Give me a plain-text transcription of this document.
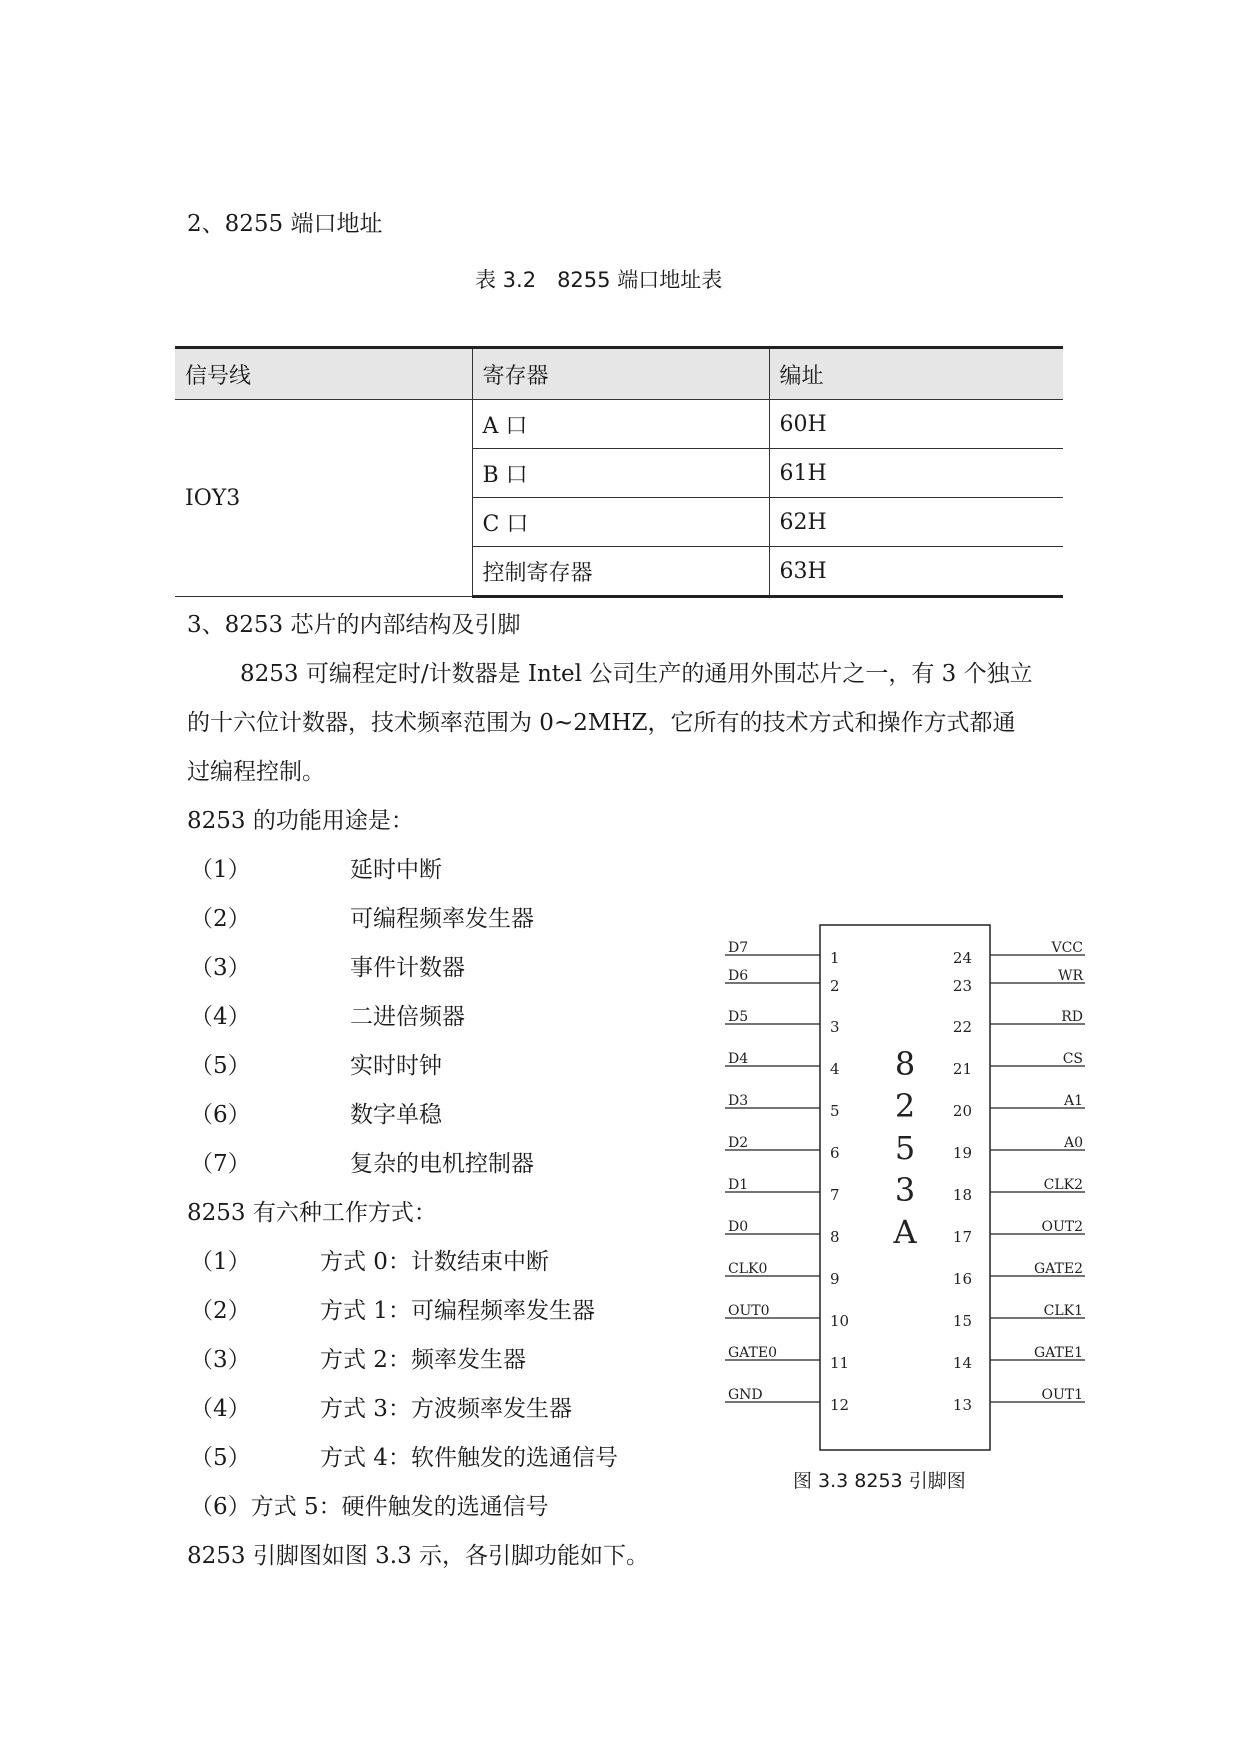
2、8255 端口地址
表 3.2　8255 端口地址表
信号线	寄存器	编址
IOY3	A 口	60H
	B 口	61H
	C 口	62H
	控制寄存器	63H
3、8253 芯片的内部结构及引脚
8253 可编程定时/计数器是 Intel 公司生产的通用外围芯片之一，有 3 个独立
的十六位计数器，技术频率范围为 0~2MHZ，它所有的技术方式和操作方式都通
过编程控制。
8253 的功能用途是：
（1）	延时中断
（2）	可编程频率发生器
（3）	事件计数器
（4）	二进倍频器
（5）	实时时钟
（6）	数字单稳
（7）	复杂的电机控制器
8253 有六种工作方式：
（1）	方式 0：计数结束中断
（2）	方式 1：可编程频率发生器
（3）	方式 2：频率发生器
（4）	方式 3：方波频率发生器
（5）	方式 4：软件触发的选通信号
（6）方式 5：硬件触发的选通信号
8253 引脚图如图 3.3 示，各引脚功能如下。
8
2
5
3
A
D7
1
D6
2
D5
3
D4
4
D3
5
D2
6
D1
7
D0
8
CLK0
9
OUT0
10
GATE0
11
GND
12
VCC
24
WR
23
RD
22
CS
21
A1
20
A0
19
CLK2
18
OUT2
17
GATE2
16
CLK1
15
GATE1
14
OUT1
13
图 3.3 8253 引脚图
